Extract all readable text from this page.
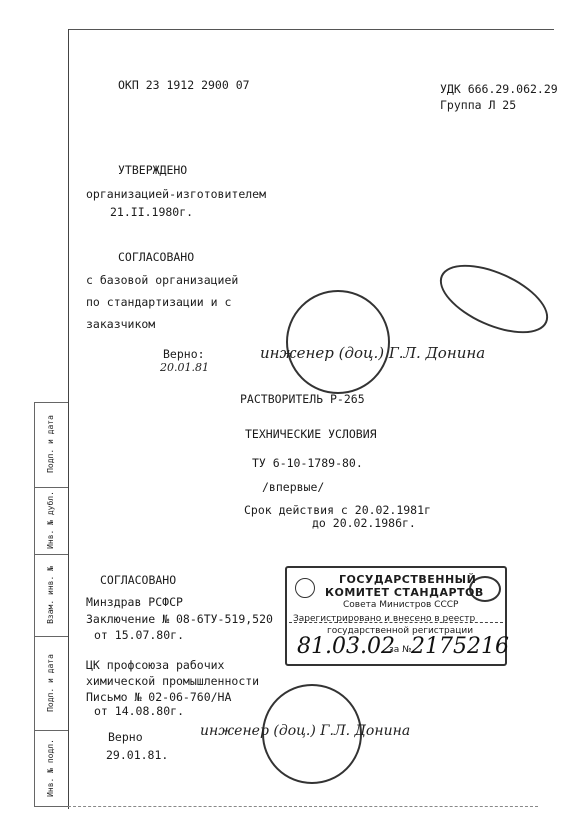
Подп. и дата
Инв. № дубл.
Взам. инв. №
Подп. и дата
Инв. № подл.
ОКП 23 1912 2900 07	УДК 666.29.062.29
Группа Л 25
УТВЕРЖДЕНО
организацией-изготовителем
21.II.1980г.
СОГЛАСОВАНО
с базовой организацией
по стандартизации и с
заказчиком
Верно:
20.01.81
инженер (доц.) Г.Л. Донина
РАСТВОРИТЕЛЬ Р-265
ТЕХНИЧЕСКИЕ УСЛОВИЯ
ТУ 6-10-1789-80.
/впервые/
Срок действия с 20.02.1981г
до 20.02.1986г.
СОГЛАСОВАНО
Минздрав РСФСР
Заключение № 08-6ТУ-519,520
от 15.07.80г.
ЦК профсоюза рабочих
химической промышленности
Письмо № 02-06-760/НА
от 14.08.80г.
ГОСУДАРСТВЕННЫЙ
КОМИТЕТ СТАНДАРТОВ
Совета Министров СССР
Зарегистрировано и внесено в реестр
государственной регистрации
81.03.02
за № 2175216
Верно
29.01.81.
инженер (доц.) Г.Л. Донина
